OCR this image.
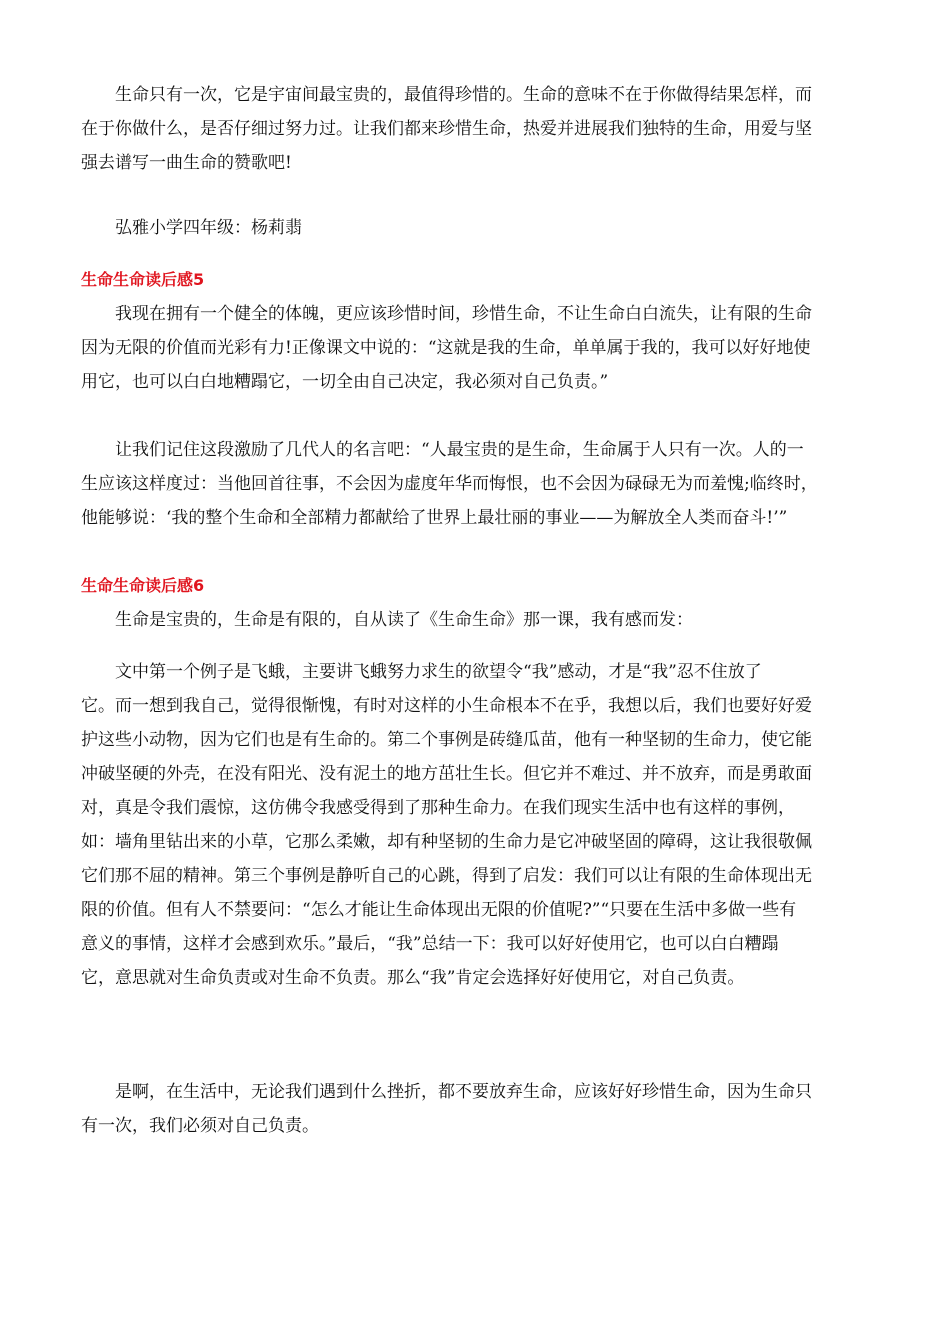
生命只有一次，它是宇宙间最宝贵的，最值得珍惜的。生命的意味不在于你做得结果怎样，而
在于你做什么，是否仔细过努力过。让我们都来珍惜生命，热爱并进展我们独特的生命，用爱与坚
强去谱写一曲生命的赞歌吧!
弘雅小学四年级：杨莉翡
生命生命读后感5
我现在拥有一个健全的体魄，更应该珍惜时间，珍惜生命，不让生命白白流失，让有限的生命
因为无限的价值而光彩有力!正像课文中说的：“这就是我的生命，单单属于我的，我可以好好地使
用它，也可以白白地糟蹋它，一切全由自己决定，我必须对自己负责。”
让我们记住这段激励了几代人的名言吧：“人最宝贵的是生命，生命属于人只有一次。人的一
生应该这样度过：当他回首往事，不会因为虚度年华而悔恨，也不会因为碌碌无为而羞愧;临终时，
他能够说：‘我的整个生命和全部精力都献给了世界上最壮丽的事业——为解放全人类而奋斗!’”
生命生命读后感6
生命是宝贵的，生命是有限的，自从读了《生命生命》那一课，我有感而发：
文中第一个例子是飞蛾，主要讲飞蛾努力求生的欲望令“我”感动，才是“我”忍不住放了
它。而一想到我自己，觉得很惭愧，有时对这样的小生命根本不在乎，我想以后，我们也要好好爱
护这些小动物，因为它们也是有生命的。第二个事例是砖缝瓜苗，他有一种坚韧的生命力，使它能
冲破坚硬的外壳，在没有阳光、没有泥土的地方茁壮生长。但它并不难过、并不放弃，而是勇敢面
对，真是令我们震惊，这仿佛令我感受得到了那种生命力。在我们现实生活中也有这样的事例，
如：墙角里钻出来的小草，它那么柔嫩，却有种坚韧的生命力是它冲破坚固的障碍，这让我很敬佩
它们那不屈的精神。第三个事例是静听自己的心跳，得到了启发：我们可以让有限的生命体现出无
限的价值。但有人不禁要问：“怎么才能让生命体现出无限的价值呢?”“只要在生活中多做一些有
意义的事情，这样才会感到欢乐。”最后，“我”总结一下：我可以好好使用它，也可以白白糟蹋
它，意思就对生命负责或对生命不负责。那么“我”肯定会选择好好使用它，对自己负责。
是啊，在生活中，无论我们遇到什么挫折，都不要放弃生命，应该好好珍惜生命，因为生命只
有一次，我们必须对自己负责。
